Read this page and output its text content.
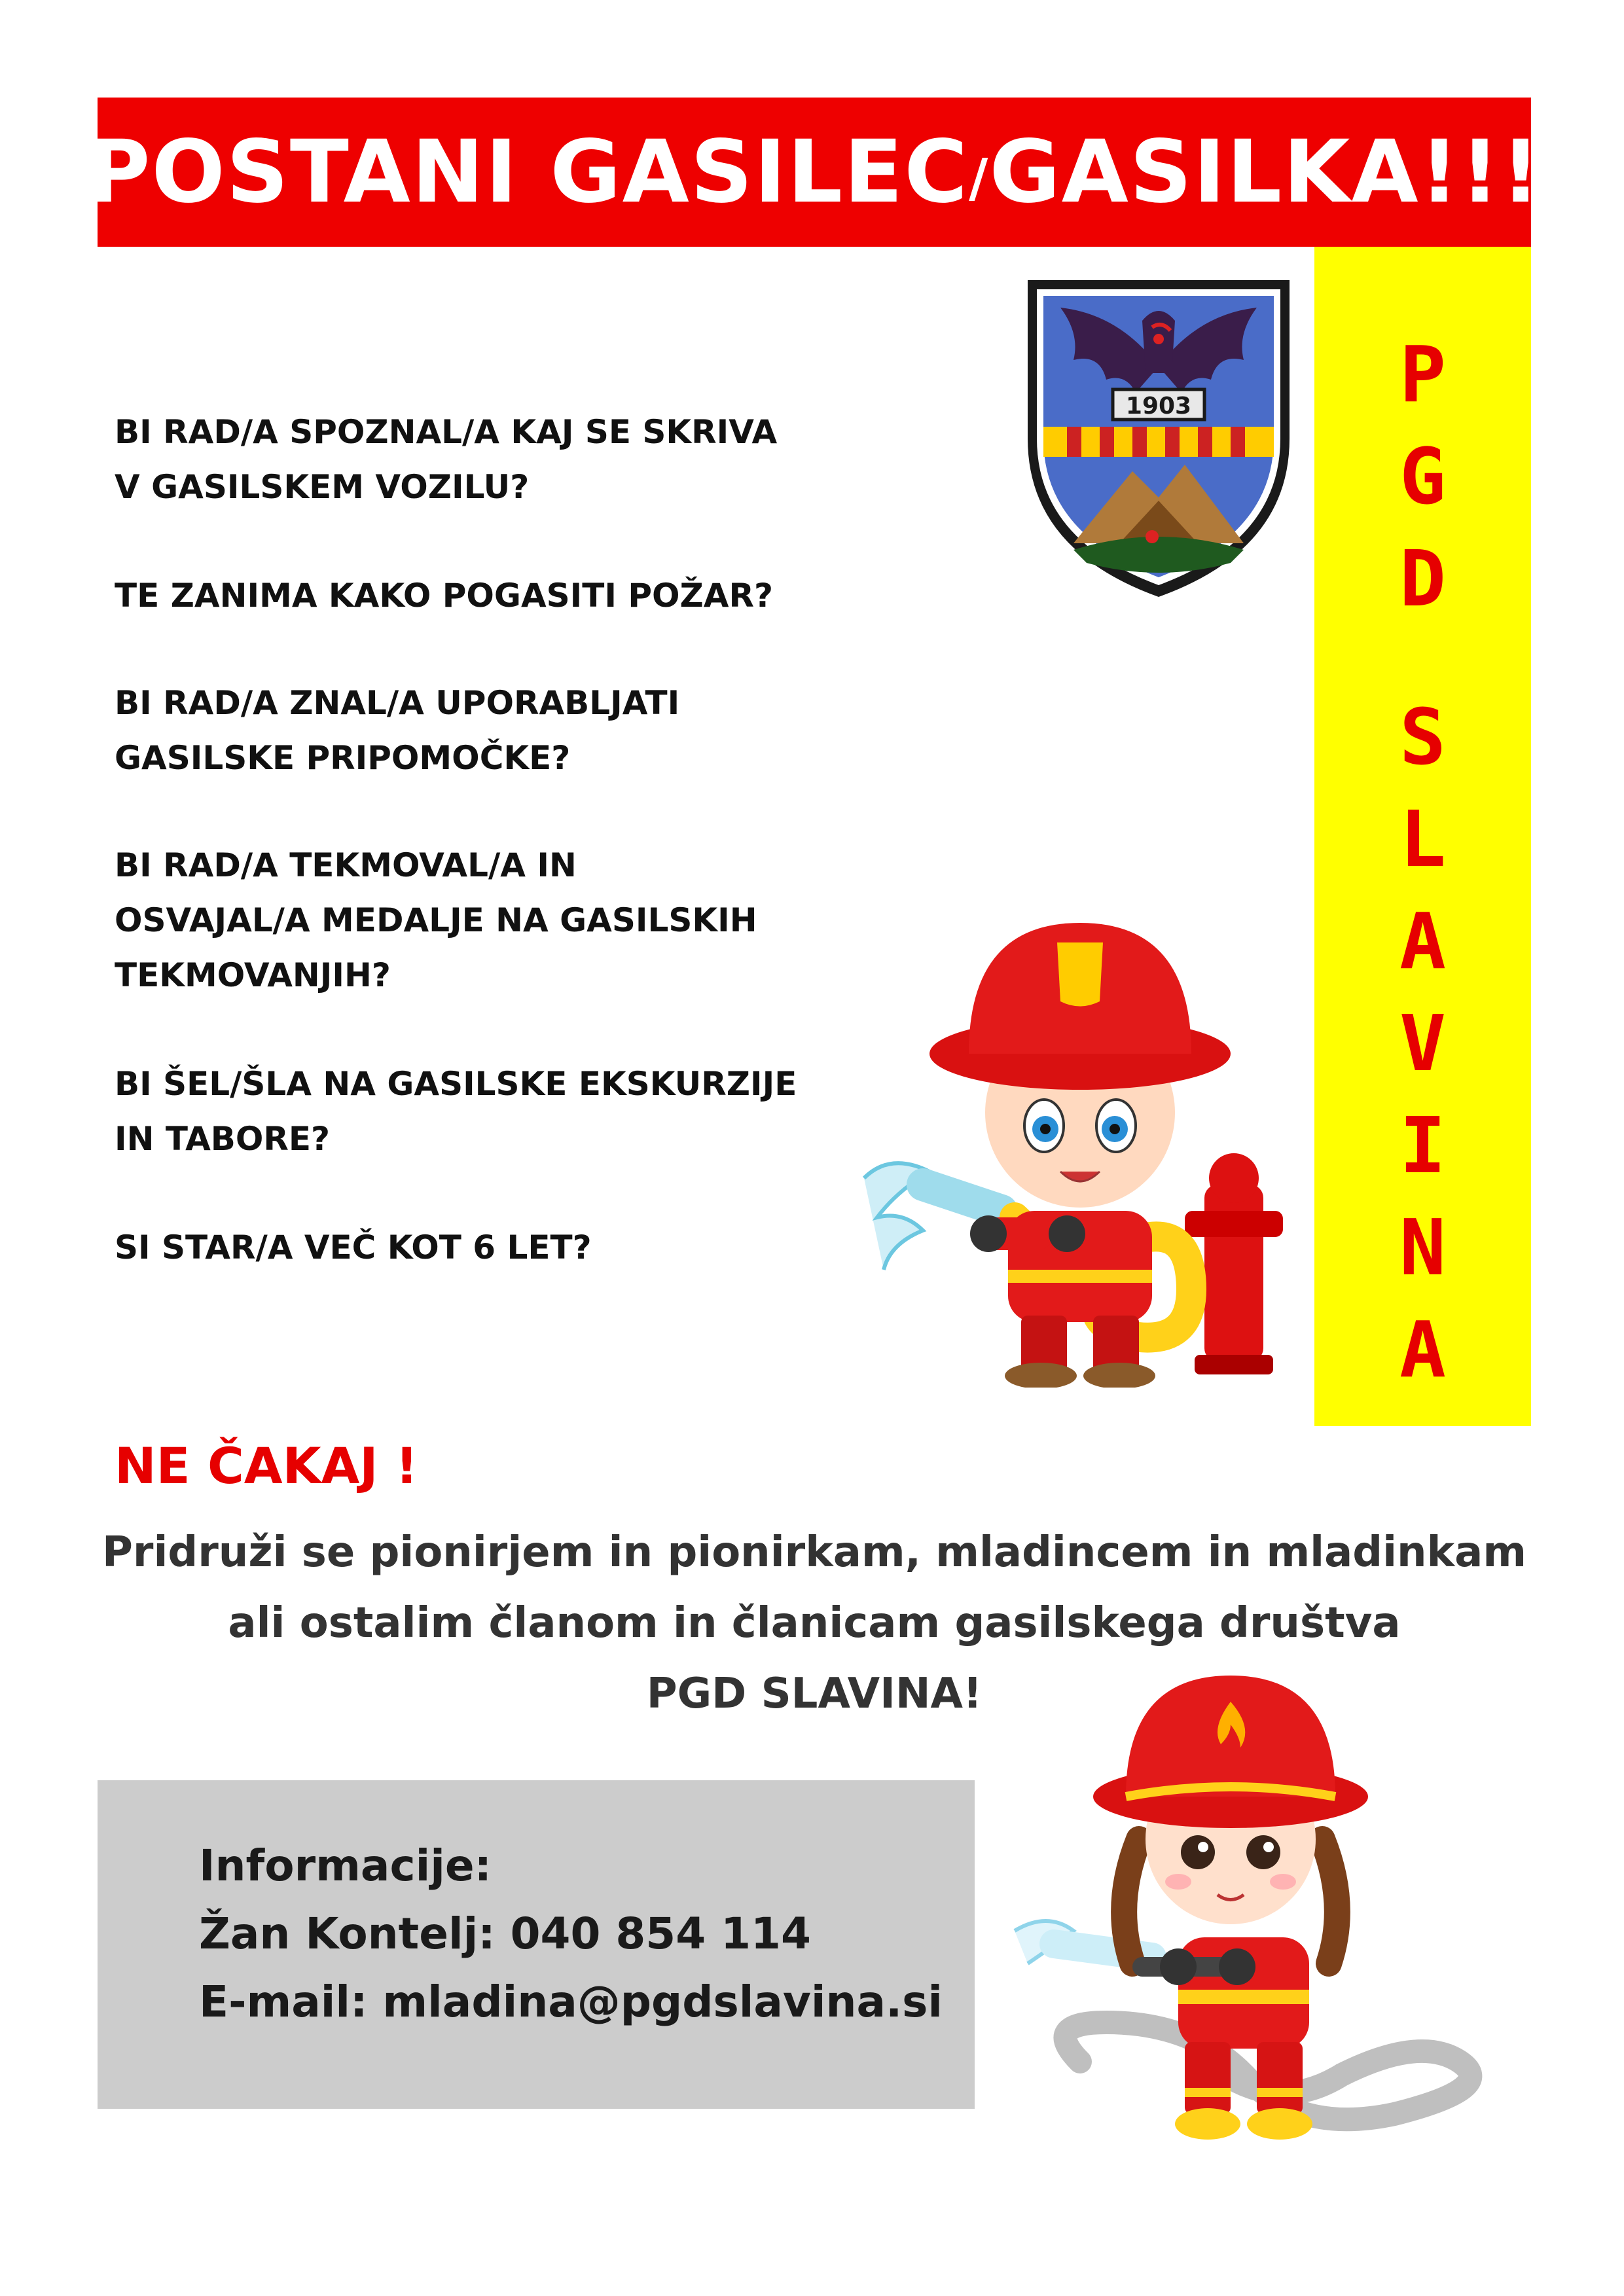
POSTANI GASILEC/GASILKA!!!
P
G
D
S
L
A
V
I
N
A
1903
BI RAD/A SPOZNAL/A KAJ SE SKRIVA
V GASILSKEM VOZILU?
TE ZANIMA KAKO POGASITI POŽAR?
BI RAD/A ZNAL/A UPORABLJATI
GASILSKE PRIPOMOČKE?
BI RAD/A TEKMOVAL/A IN
OSVAJAL/A MEDALJE NA GASILSKIH
TEKMOVANJIH?
BI ŠEL/ŠLA NA GASILSKE EKSKURZIJE
IN TABORE?
SI STAR/A VEČ KOT 6 LET?
NE ČAKAJ !
Pridruži se pionirjem in pionirkam, mladincem in mladinkam
ali ostalim članom in članicam gasilskega društva
PGD SLAVINA!
Informacije:
Žan Kontelj: 040 854 114
E-mail: mladina@pgdslavina.si
